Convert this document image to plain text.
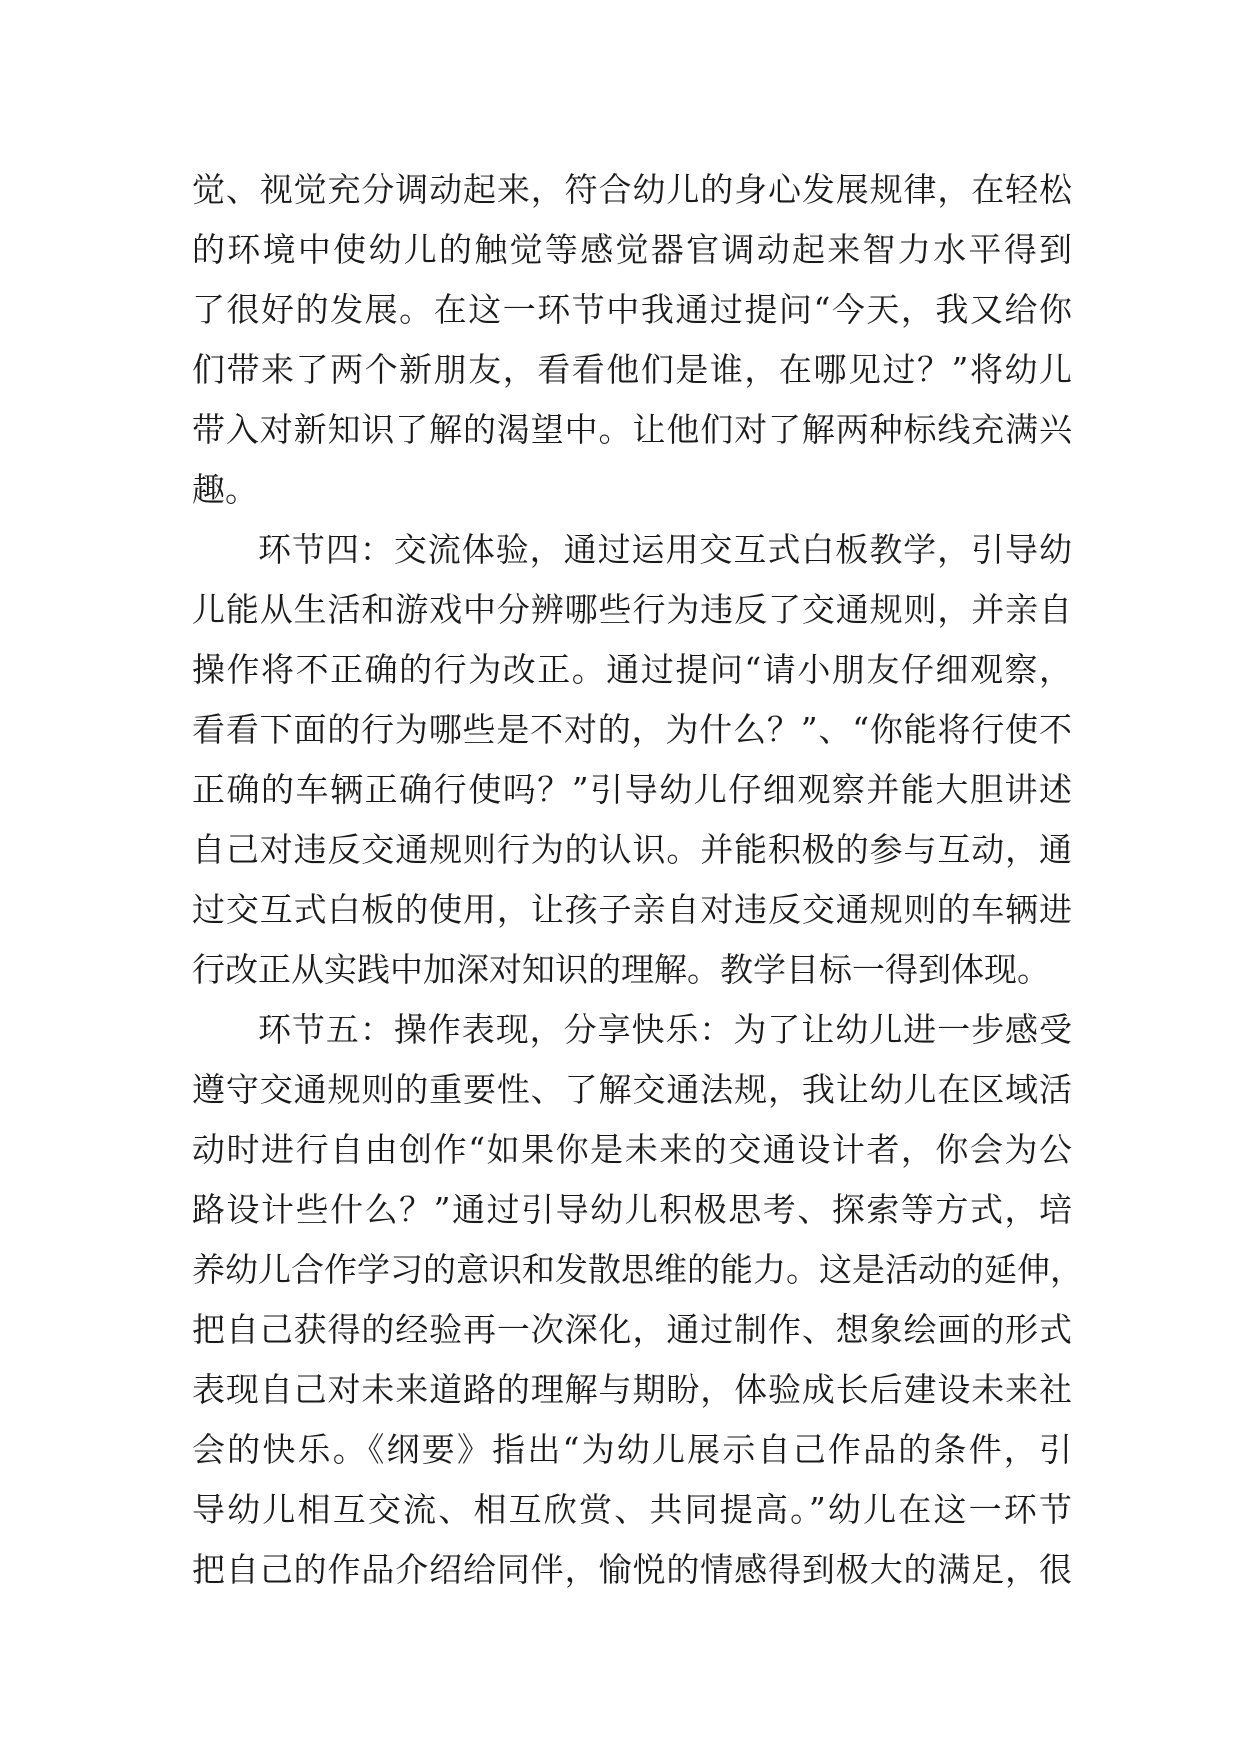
觉、视觉充分调动起来，符合幼儿的身心发展规律，在轻松
的环境中使幼儿的触觉等感觉器官调动起来智力水平得到
了很好的发展。在这一环节中我通过提问“今天，我又给你
们带来了两个新朋友，看看他们是谁，在哪见过？”将幼儿
带入对新知识了解的渴望中。让他们对了解两种标线充满兴
趣。
环节四：交流体验，通过运用交互式白板教学，引导幼
儿能从生活和游戏中分辨哪些行为违反了交通规则，并亲自
操作将不正确的行为改正。通过提问“请小朋友仔细观察，
看看下面的行为哪些是不对的，为什么？”、“你能将行使不
正确的车辆正确行使吗？”引导幼儿仔细观察并能大胆讲述
自己对违反交通规则行为的认识。并能积极的参与互动，通
过交互式白板的使用，让孩子亲自对违反交通规则的车辆进
行改正从实践中加深对知识的理解。教学目标一得到体现。
环节五：操作表现，分享快乐：为了让幼儿进一步感受
遵守交通规则的重要性、了解交通法规，我让幼儿在区域活
动时进行自由创作“如果你是未来的交通设计者，你会为公
路设计些什么？”通过引导幼儿积极思考、探索等方式，培
养幼儿合作学习的意识和发散思维的能力。这是活动的延伸，
把自己获得的经验再一次深化，通过制作、想象绘画的形式
表现自己对未来道路的理解与期盼，体验成长后建设未来社
会的快乐。《纲要》指出“为幼儿展示自己作品的条件，引
导幼儿相互交流、相互欣赏、共同提高。”幼儿在这一环节
把自己的作品介绍给同伴，愉悦的情感得到极大的满足，很
